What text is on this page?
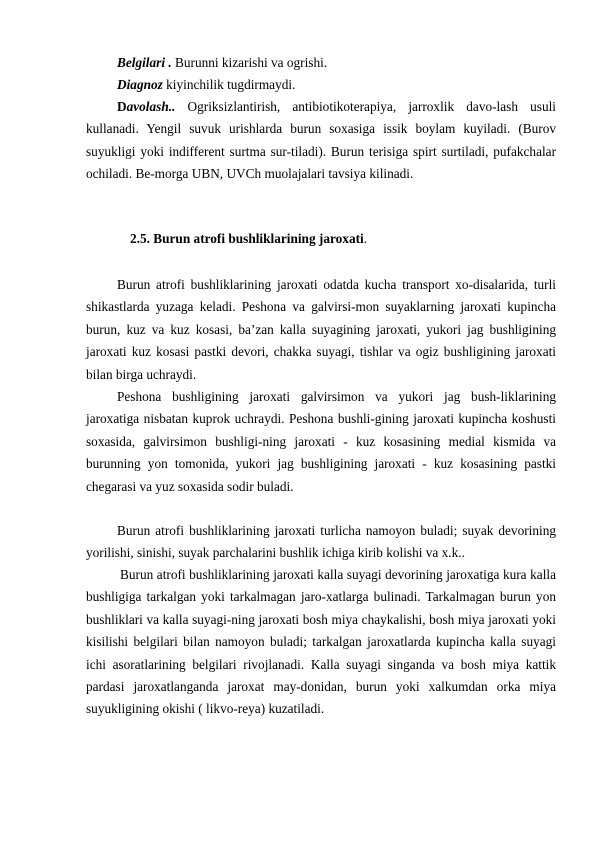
Belgilari . Burunni kizarishi va ogrishi.

Diagnoz kiyinchilik tugdirmaydi.

Davolash.. Ogriksizlantirish, antibiotikoterapiya, jarroxlik davo-lash usuli kullanadi. Yengil suvuk urishlarda burun soxasiga issik boylam kuyiladi. (Burov suyukligi yoki indifferent surtma sur-tiladi). Burun terisiga spirt surtiladi, pufakchalar ochiladi. Be-morga UBN, UVCh muolajalari tavsiya kilinadi.

2.5. Burun atrofi bushliklarining jaroxati.

Burun atrofi bushliklarining jaroxati odatda kucha transport xo-disalarida, turli shikastlarda yuzaga keladi. Peshona va galvirsi-mon suyaklarning jaroxati kupincha burun, kuz va kuz kosasi, ba’zan kalla suyagining jaroxati, yukori jag bushligining jaroxati kuz kosasi pastki devori, chakka suyagi, tishlar va ogiz bushligining jaroxati bilan birga uchraydi.

Peshona bushligining jaroxati galvirsimon va yukori jag bush-liklarining jaroxatiga nisbatan kuprok uchraydi. Peshona bushli-gining jaroxati kupincha koshusti soxasida, galvirsimon bushligi-ning jaroxati - kuz kosasining medial kismida va burunning yon tomonida, yukori jag bushligining jaroxati - kuz kosasining pastki chegarasi va yuz soxasida sodir buladi.

Burun atrofi bushliklarining jaroxati turlicha namoyon buladi; suyak devorining yorilishi, sinishi, suyak parchalarini bushlik ichiga kirib kolishi va x.k..

Burun atrofi bushliklarining jaroxati kalla suyagi devorining jaroxatiga kura kalla bushligiga tarkalgan yoki tarkalmagan jaro-xatlarga bulinadi. Tarkalmagan burun yon bushliklari va kalla suyagi-ning jaroxati bosh miya chaykalishi, bosh miya jaroxati yoki kisilishi belgilari bilan namoyon buladi; tarkalgan jaroxatlarda kupincha kalla suyagi ichi asoratlarining belgilari rivojlanadi. Kalla suyagi singanda va bosh miya kattik pardasi jaroxatlanganda jaroxat may-donidan, burun yoki xalkumdan orka miya suyukligining okishi ( likvo-reya) kuzatiladi.
